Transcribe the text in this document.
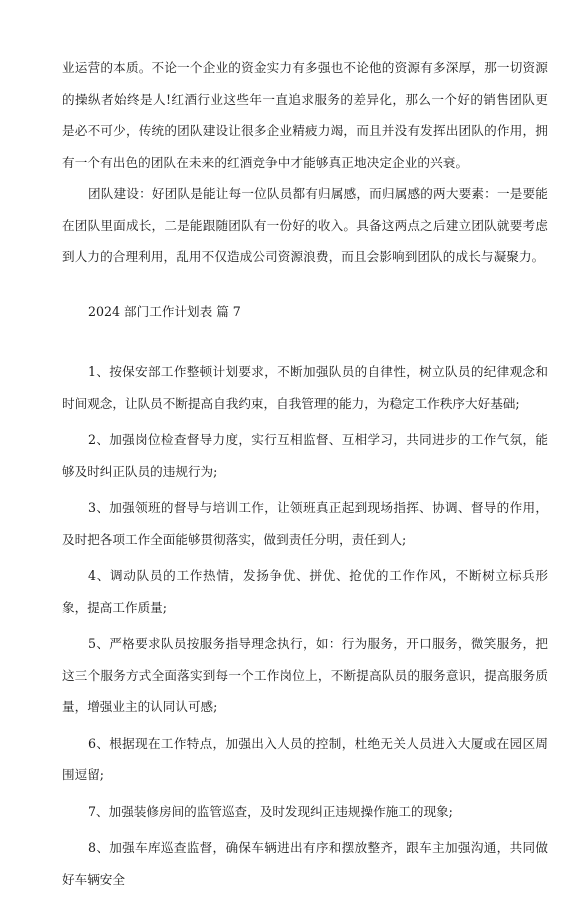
业运营的本质。不论一个企业的资金实力有多强也不论他的资源有多深厚，那一切资源的操纵者始终是人!红酒行业这些年一直追求服务的差异化，那么一个好的销售团队更是必不可少，传统的团队建设让很多企业精疲力竭，而且并没有发挥出团队的作用，拥有一个有出色的团队在未来的红酒竞争中才能够真正地决定企业的兴衰。

团队建设：好团队是能让每一位队员都有归属感，而归属感的两大要素：一是要能在团队里面成长，二是能跟随团队有一份好的收入。具备这两点之后建立团队就要考虑到人力的合理利用，乱用不仅造成公司资源浪费，而且会影响到团队的成长与凝聚力。

2024 部门工作计划表 篇 7

1、按保安部工作整顿计划要求，不断加强队员的自律性，树立队员的纪律观念和时间观念，让队员不断提高自我约束，自我管理的能力，为稳定工作秩序大好基础;
2、加强岗位检查督导力度，实行互相监督、互相学习，共同进步的工作气氛，能够及时纠正队员的违规行为;
3、加强领班的督导与培训工作，让领班真正起到现场指挥、协调、督导的作用，及时把各项工作全面能够贯彻落实，做到责任分明，责任到人;
4、调动队员的工作热情，发扬争优、拼优、抢优的工作作风，不断树立标兵形象，提高工作质量;
5、严格要求队员按服务指导理念执行，如：行为服务，开口服务，微笑服务，把这三个服务方式全面落实到每一个工作岗位上，不断提高队员的服务意识，提高服务质量，增强业主的认同认可感;
6、根据现在工作特点，加强出入人员的控制，杜绝无关人员进入大厦或在园区周围逗留;
7、加强装修房间的监管巡查，及时发现纠正违规操作施工的现象;
8、加强车库巡查监督，确保车辆进出有序和摆放整齐，跟车主加强沟通，共同做好车辆安全
